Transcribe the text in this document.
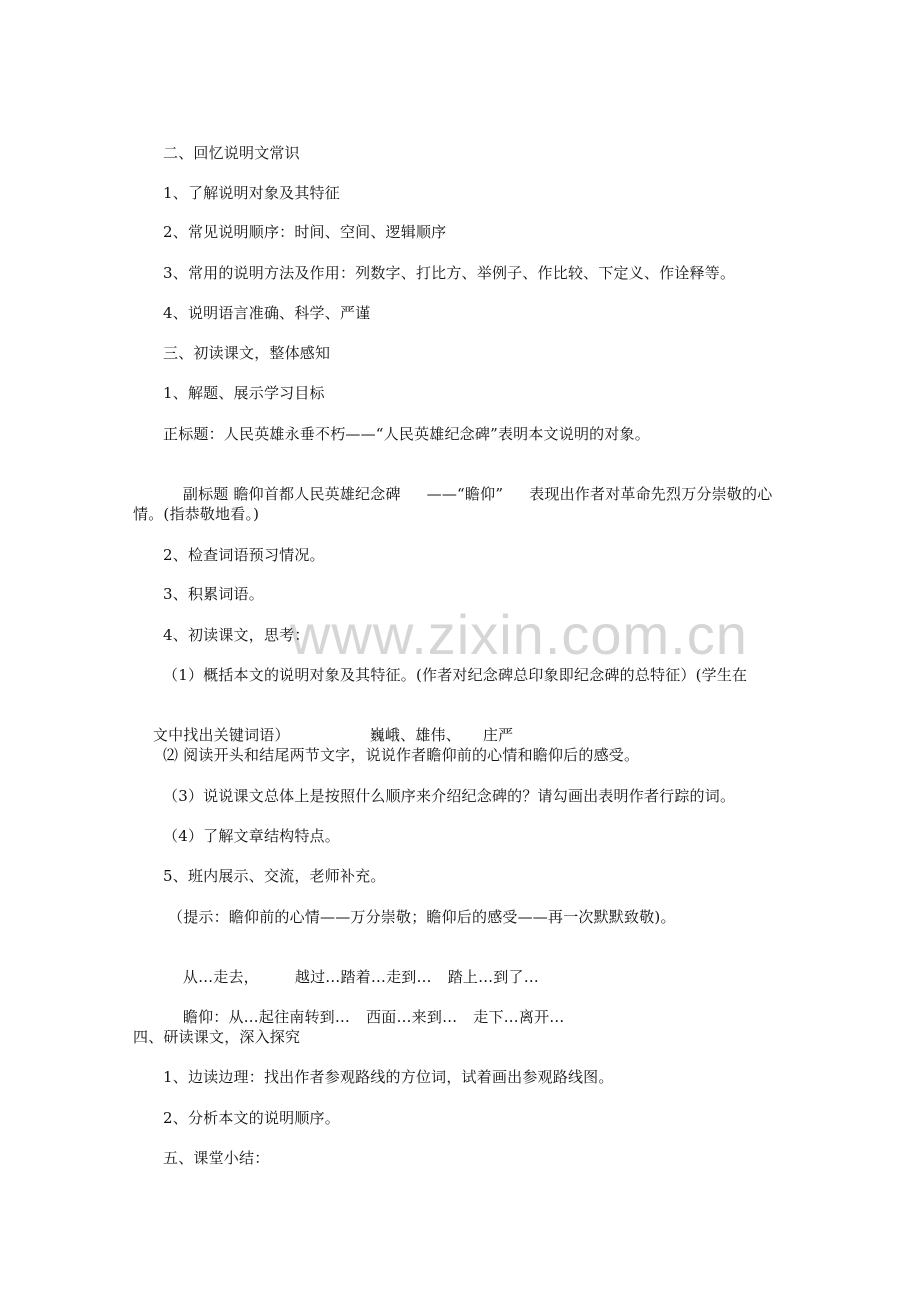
www.zixin.com.cn
二、回忆说明文常识
1、了解说明对象及其特征
2、常见说明顺序：时间、空间、逻辑顺序
3、常用的说明方法及作用：列数字、打比方、举例子、作比较、下定义、作诠释等。
4、说明语言准确、科学、严谨
三、初读课文，整体感知
1、解题、展示学习目标
正标题：人民英雄永垂不朽——“人民英雄纪念碑”表明本文说明的对象。

副标题 瞻仰首都人民英雄纪念碑 ——“瞻仰” 表现出作者对革命先烈万分崇敬的心

情。(指恭敬地看。)
2、检查词语预习情况。
3、积累词语。
4、初读课文，思考：
（1）概括本文的说明对象及其特征。(作者对纪念碑总印象即纪念碑的总特征）(学生在

文中找出关键词语）	巍峨、雄伟、 庄严

⑵ 阅读开头和结尾两节文字，说说作者瞻仰前的心情和瞻仰后的感受。
（3）说说课文总体上是按照什么顺序来介绍纪念碑的？请勾画出表明作者行踪的词。
（4）了解文章结构特点。
5、班内展示、交流，老师补充。
（提示：瞻仰前的心情——万分崇敬；瞻仰后的感受——再一次默默致敬)。

从…走去， 越过…踏着…走到… 踏上…到了…

瞻仰：从…起往南转到… 西面…来到… 走下…离开…

四、研读课文，深入探究
1、边读边理：找出作者参观路线的方位词，试着画出参观路线图。
2、分析本文的说明顺序。
五、课堂小结：
